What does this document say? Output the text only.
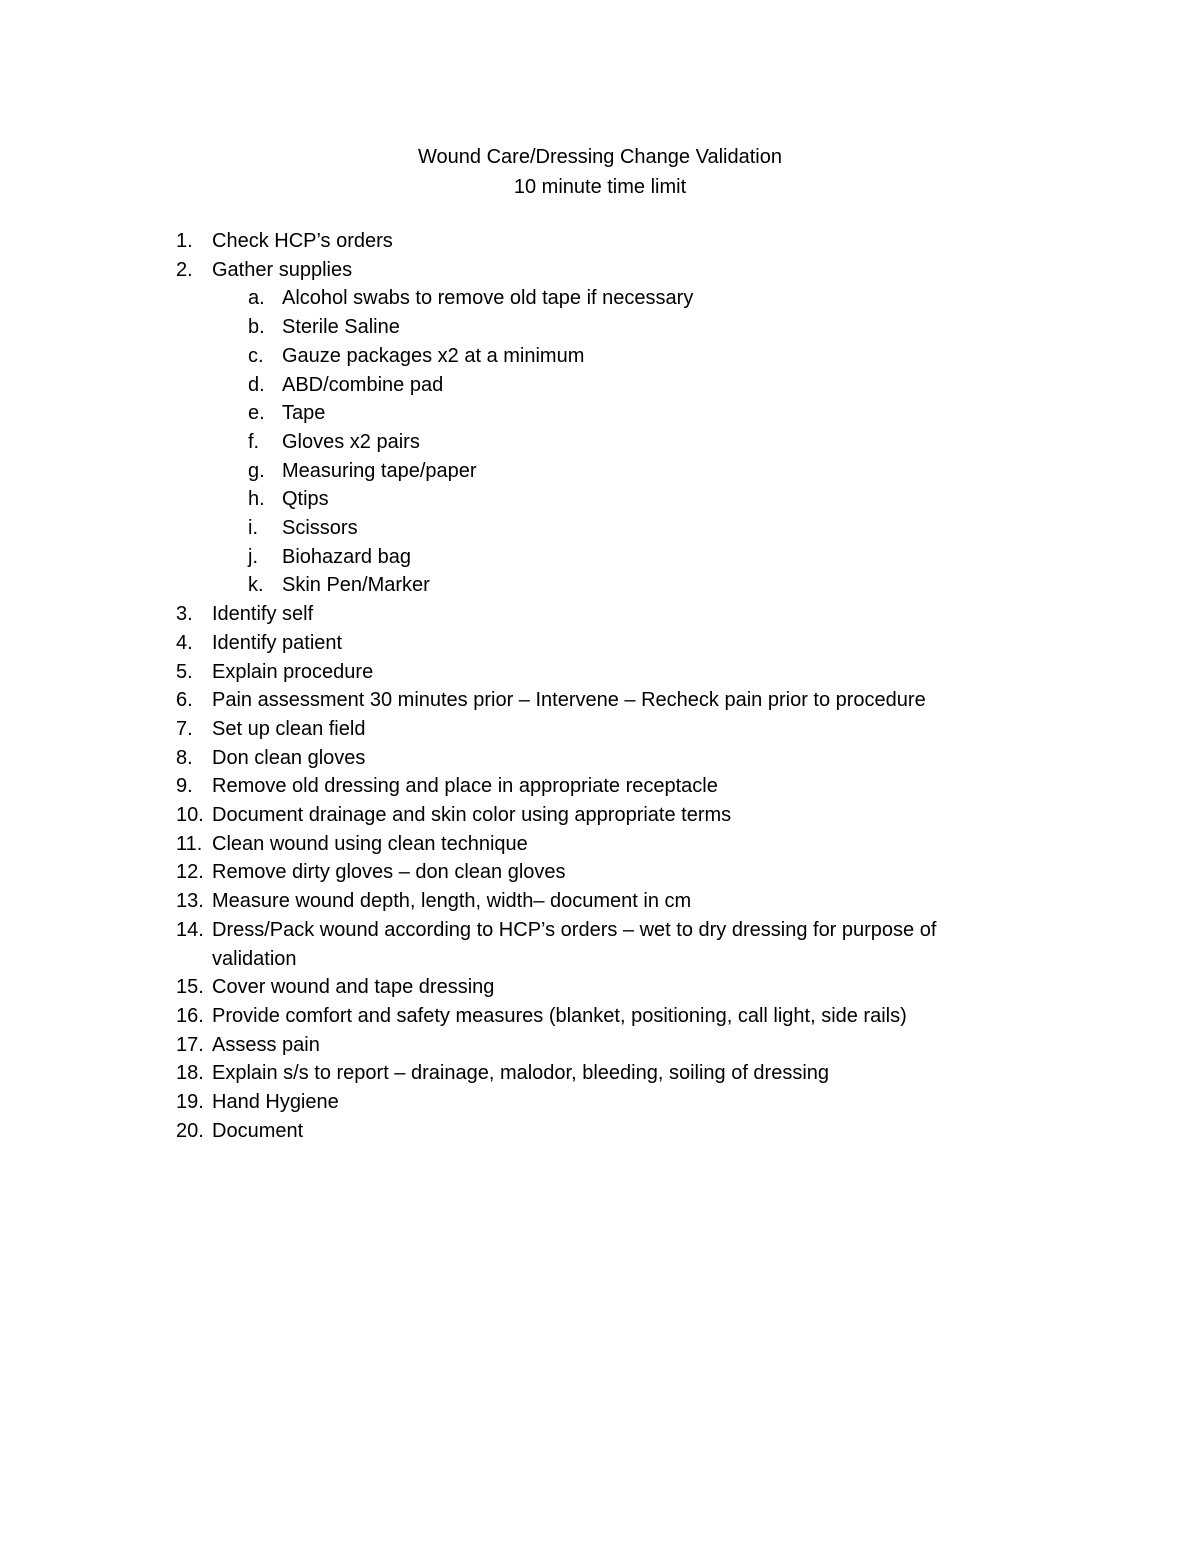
Wound Care/Dressing Change Validation
10 minute time limit
1. Check HCP’s orders
2. Gather supplies
a. Alcohol swabs to remove old tape if necessary
b. Sterile Saline
c. Gauze packages x2 at a minimum
d. ABD/combine pad
e. Tape
f.	Gloves x2 pairs
g. Measuring tape/paper
h. Qtips
i.	Scissors
j.	Biohazard bag
k. Skin Pen/Marker
3. Identify self
4. Identify patient
5. Explain procedure
6. Pain assessment 30 minutes prior – Intervene – Recheck pain prior to procedure
7. Set up clean field
8. Don clean gloves
9. Remove old dressing and place in appropriate receptacle
10. Document drainage and skin color using appropriate terms
11. Clean wound using clean technique
12. Remove dirty gloves – don clean gloves
13. Measure wound depth, length, width– document in cm
14. Dress/Pack wound according to HCP’s orders – wet to dry dressing for purpose of validation
15. Cover wound and tape dressing
16. Provide comfort and safety measures (blanket, positioning, call light, side rails)
17. Assess pain
18. Explain s/s to report – drainage, malodor, bleeding, soiling of dressing
19. Hand Hygiene
20. Document
